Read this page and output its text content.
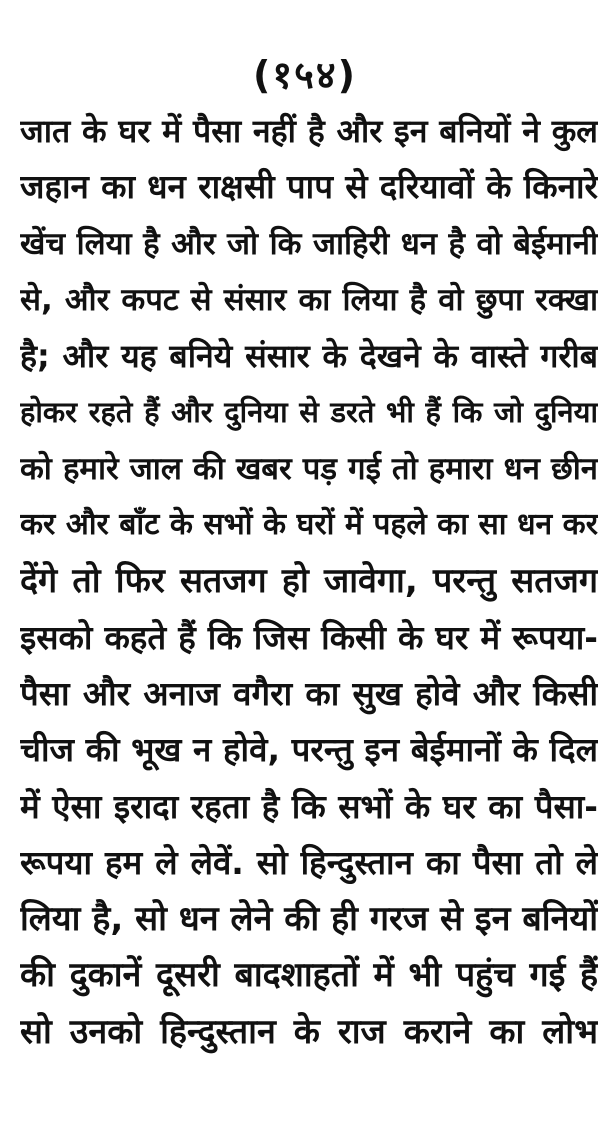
(१५४)
जात के घर में पैसा नहीं है और इन बनियों ने कुल
जहान का धन राक्षसी पाप से दरियावों के किनारे
खेंच लिया है और जो कि जाहिरी धन है वो बेईमानी
से, और कपट से संसार का लिया है वो छुपा रक्खा
है; और यह बनिये संसार के देखने के वास्ते गरीब
होकर रहते हैं और दुनिया से डरते भी हैं कि जो दुनिया
को हमारे जाल की खबर पड़ गई तो हमारा धन छीन
कर और बाँट के सभों के घरों में पहले का सा धन कर
देंगे तो फिर सतजग हो जावेगा, परन्तु सतजग
इसको कहते हैं कि जिस किसी के घर में रूपया-
पैसा और अनाज वगैरा का सुख होवे और किसी
चीज की भूख न होवे, परन्तु इन बेईमानों के दिल
में ऐसा इरादा रहता है कि सभों के घर का पैसा-
रूपया हम ले लेवें. सो हिन्दुस्तान का पैसा तो ले
लिया है, सो धन लेने की ही गरज से इन बनियों
की दुकानें दूसरी बादशाहतों में भी पहुंच गई हैं
सो उनको हिन्दुस्तान के राज कराने का लोभ
